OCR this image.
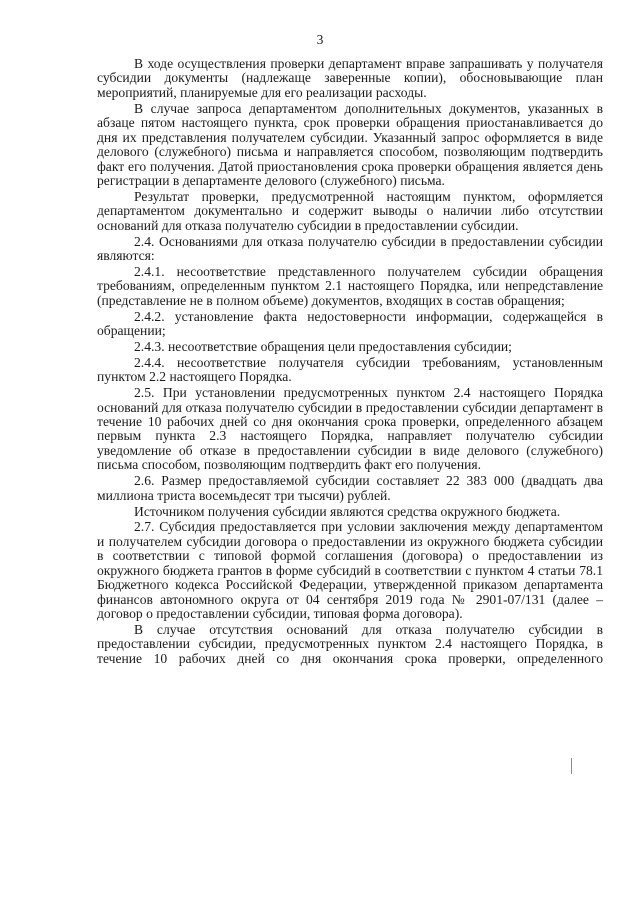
3

В ходе осуществления проверки департамент вправе запрашивать у получателя субсидии документы (надлежаще заверенные копии), обосновывающие план мероприятий, планируемые для его реализации расходы.

В случае запроса департаментом дополнительных документов, указанных в абзаце пятом настоящего пункта, срок проверки обращения приостанавливается до дня их представления получателем субсидии. Указанный запрос оформляется в виде делового (служебного) письма и направляется способом, позволяющим подтвердить факт его получения. Датой приостановления срока проверки обращения является день регистрации в департаменте делового (служебного) письма.

Результат проверки, предусмотренной настоящим пунктом, оформляется департаментом документально и содержит выводы о наличии либо отсутствии оснований для отказа получателю субсидии в предоставлении субсидии.

2.4. Основаниями для отказа получателю субсидии в предоставлении субсидии являются:

2.4.1. несоответствие представленного получателем субсидии обращения требованиям, определенным пунктом 2.1 настоящего Порядка, или непредставление (представление не в полном объеме) документов, входящих в состав обращения;

2.4.2. установление факта недостоверности информации, содержащейся в обращении;

2.4.3. несоответствие обращения цели предоставления субсидии;

2.4.4. несоответствие получателя субсидии требованиям, установленным пунктом 2.2 настоящего Порядка.

2.5. При установлении предусмотренных пунктом 2.4 настоящего Порядка оснований для отказа получателю субсидии в предоставлении субсидии департамент в течение 10 рабочих дней со дня окончания срока проверки, определенного абзацем первым пункта 2.3 настоящего Порядка, направляет получателю субсидии уведомление об отказе в предоставлении субсидии в виде делового (служебного) письма способом, позволяющим подтвердить факт его получения.

2.6. Размер предоставляемой субсидии составляет 22 383 000 (двадцать два миллиона триста восемьдесят три тысячи) рублей.

Источником получения субсидии являются средства окружного бюджета.

2.7. Субсидия предоставляется при условии заключения между департаментом и получателем субсидии договора о предоставлении из окружного бюджета субсидии в соответствии с типовой формой соглашения (договора) о предоставлении из окружного бюджета грантов в форме субсидий в соответствии с пунктом 4 статьи 78.1 Бюджетного кодекса Российской Федерации, утвержденной приказом департамента финансов автономного округа от 04 сентября 2019 года № 2901-07/131 (далее – договор о предоставлении субсидии, типовая форма договора).

В случае отсутствия оснований для отказа получателю субсидии в предоставлении субсидии, предусмотренных пунктом 2.4 настоящего Порядка, в течение 10 рабочих дней со дня окончания срока проверки, определенного
